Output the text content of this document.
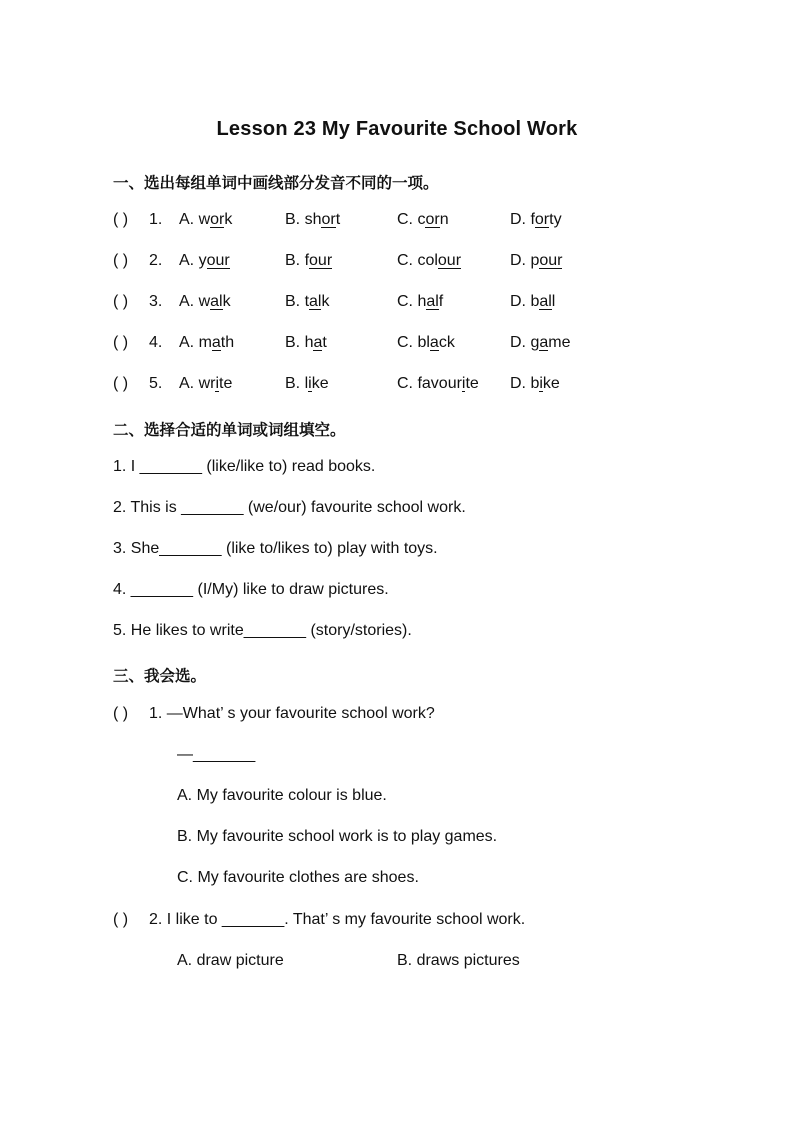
Lesson 23 My Favourite School Work
一、选出每组单词中画线部分发音不同的一项。
( ) 1. A. work	B. short	C. corn	D. forty
( ) 2. A. your	B. four	C. colour	D. pour
( ) 3. A. walk	B. talk	C. half	D. ball
( ) 4. A. math	B. hat	C. black	D. game
( ) 5. A. write	B. like	C. favourite D. bike
二、选择合适的单词或词组填空。
1. I _______ (like/like to) read books.
2. This is _______ (we/our) favourite school work.
3. She_______ (like to/likes to) play with toys.
4. _______ (I/My) like to draw pictures.
5. He likes to write_______ (story/stories).
三、我会选。
( ) 1. —What’ s your favourite school work?
—_______
A. My favourite colour is blue.
B. My favourite school work is to play games.
C. My favourite clothes are shoes.
( ) 2. I like to _______. That’ s my favourite school work.
A. draw picture	B. draws pictures
